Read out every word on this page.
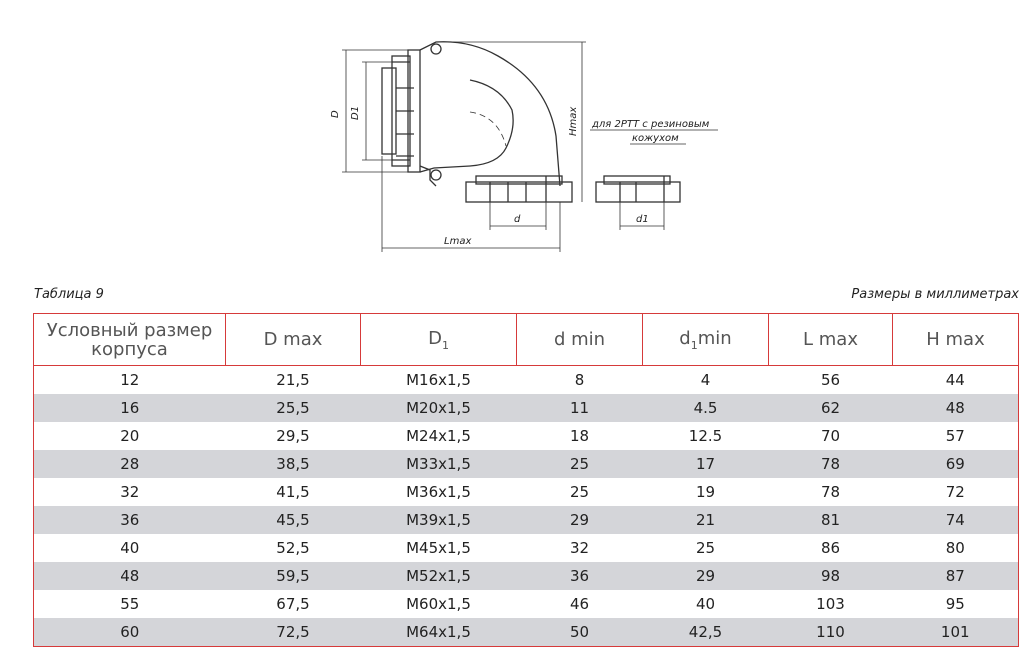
D D1	Hmax
d	d1
Lmax
для 2РТТ с резиновым
кожухом
Таблица 9	Размеры в миллиметрах
Условный размер корпуса	D max	$D_1$	d min	$d_1\min$	L max	H max
12	21,5	M16x1,5	8	4	56	44
16	25,5	M20x1,5	11	4.5	62	48
20	29,5	M24x1,5	18	12.5	70	57
28	38,5	M33x1,5	25	17	78	69
32	41,5	M36x1,5	25	19	78	72
36	45,5	M39x1,5	29	21	81	74
40	52,5	M45x1,5	32	25	86	80
48	59,5	M52x1,5	36	29	98	87
55	67,5	M60x1,5	46	40	103	95
60	72,5	M64x1,5	50	42,5	110	101
